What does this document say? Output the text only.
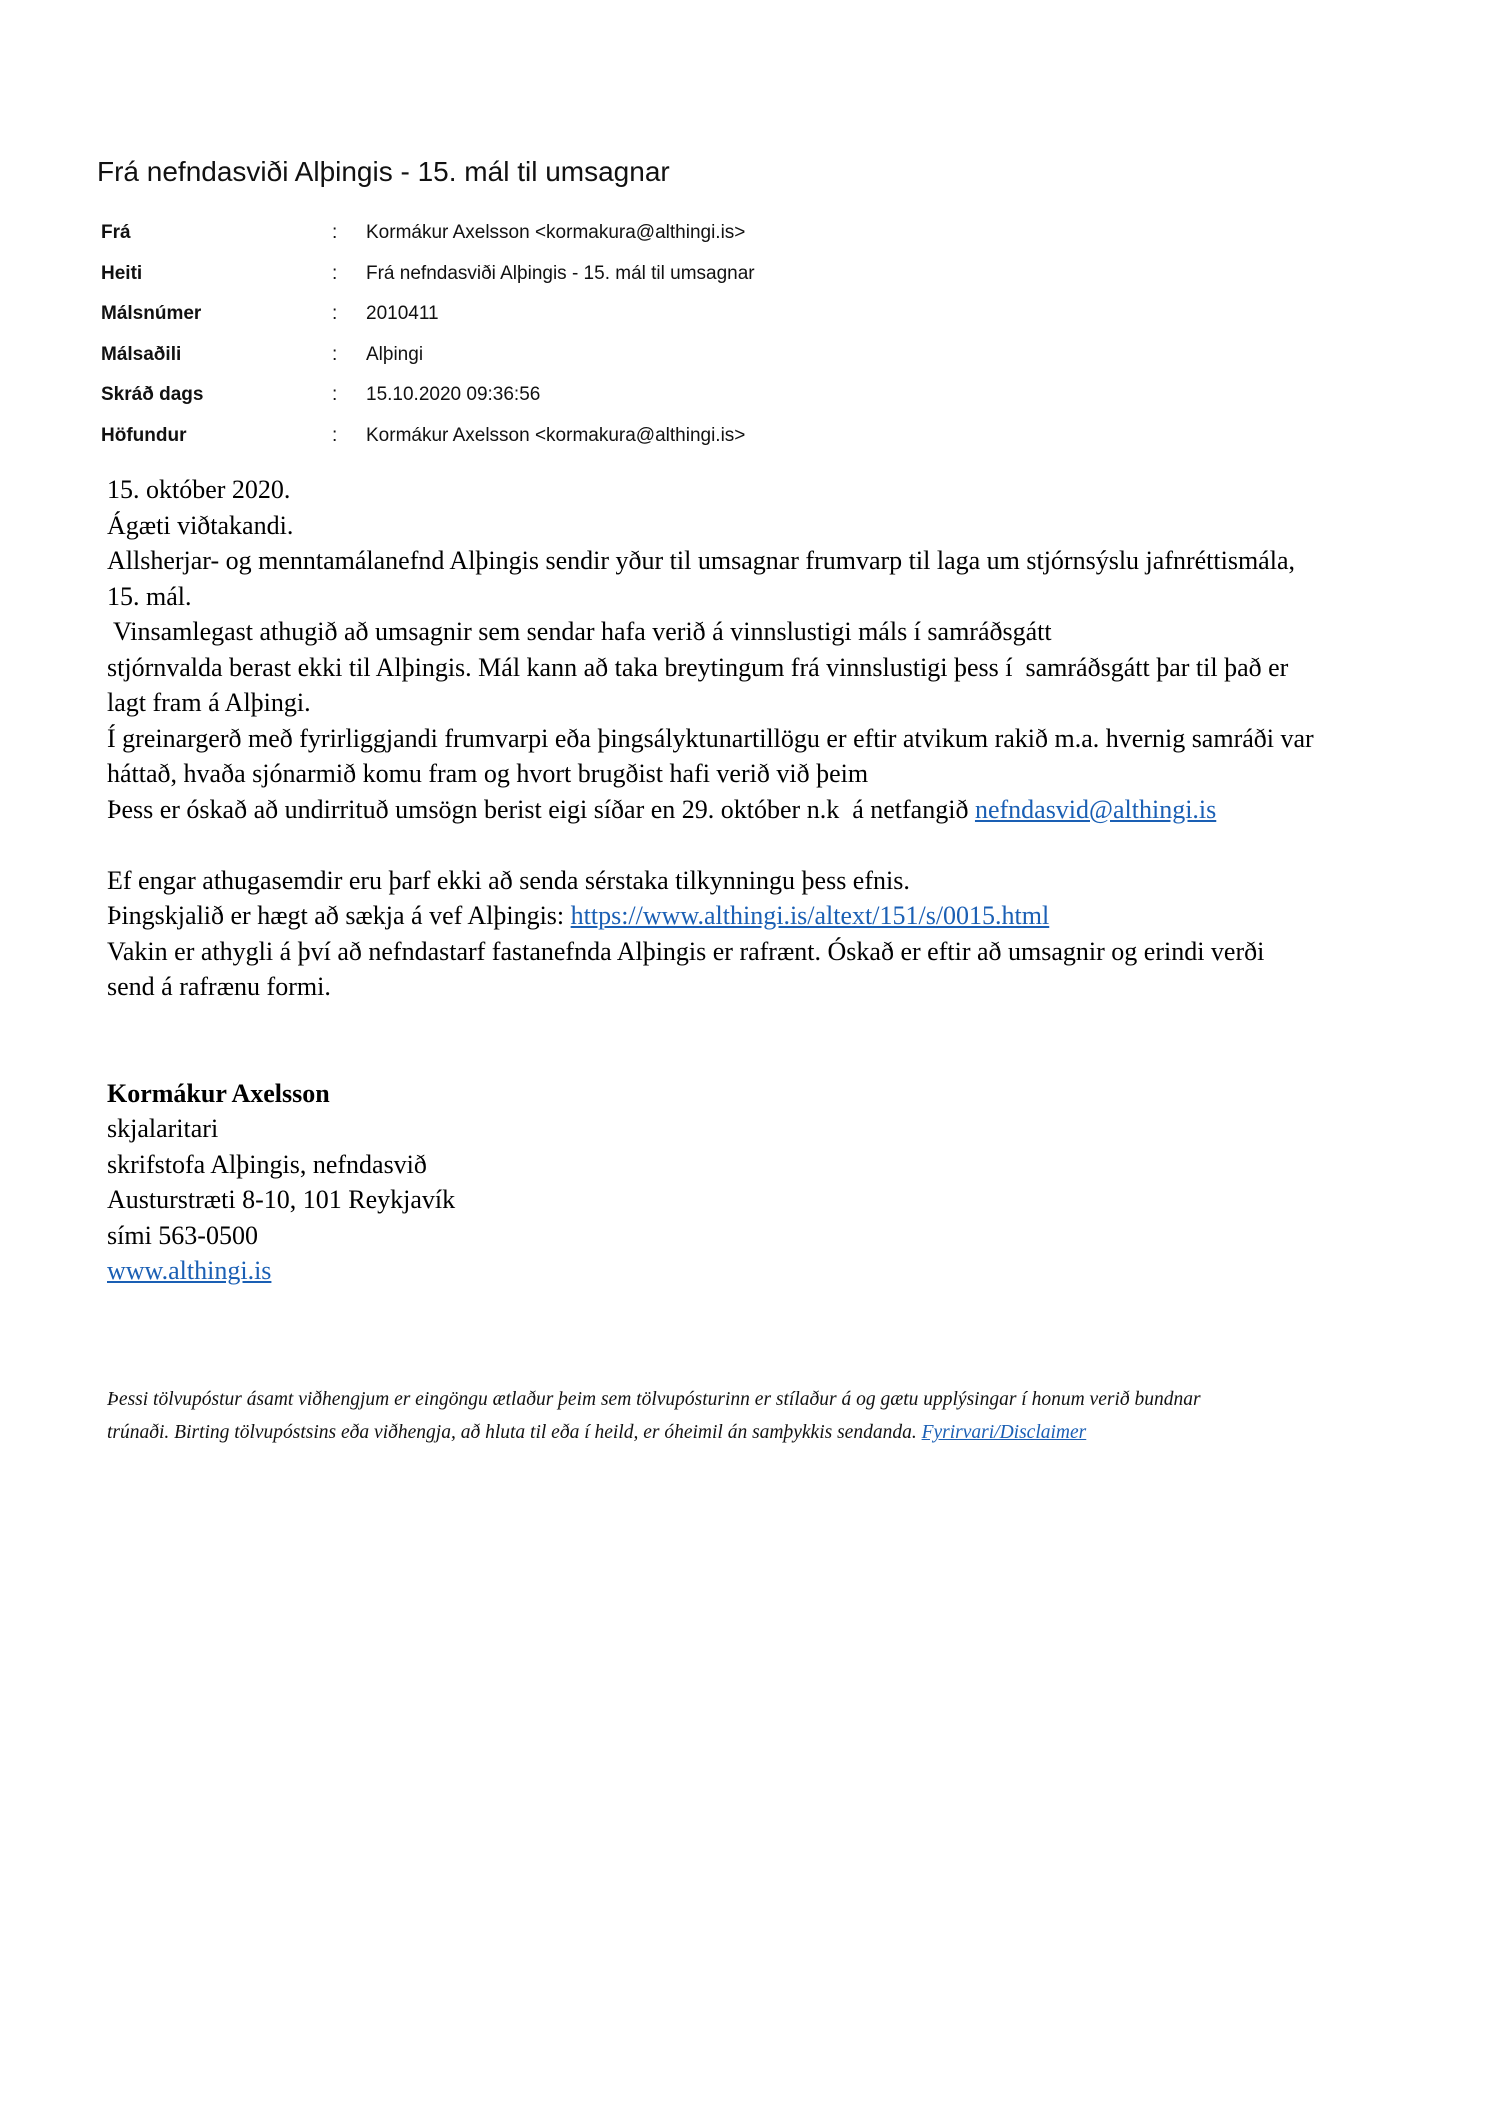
Frá nefndasviði Alþingis - 15. mál til umsagnar
Frá	: Kormákur Axelsson <kormakura@althingi.is>
Heiti	: Frá nefndasviði Alþingis - 15. mál til umsagnar
Málsnúmer	: 2010411
Málsaðili	: Alþingi
Skráð dags	: 15.10.2020 09:36:56
Höfundur	: Kormákur Axelsson <kormakura@althingi.is>

15. október 2020.

Ágæti viðtakandi.

Allsherjar- og menntamálanefnd Alþingis sendir yður til umsagnar frumvarp til laga um stjórnsýslu jafnréttismála,

15. mál.

Vinsamlegast athugið að umsagnir sem sendar hafa verið á vinnslustigi máls í samráðsgátt

stjórnvalda berast ekki til Alþingis. Mál kann að taka breytingum frá vinnslustigi þess í  samráðsgátt þar til það er

lagt fram á Alþingi.

Í greinargerð með fyrirliggjandi frumvarpi eða þingsályktunartillögu er eftir atvikum rakið m.a. hvernig samráði var

háttað, hvaða sjónarmið komu fram og hvort brugðist hafi verið við þeim

Þess er óskað að undirrituð umsögn berist eigi síðar en 29. október n.k  á netfangið nefndasvid@althingi.is

Ef engar athugasemdir eru þarf ekki að senda sérstaka tilkynningu þess efnis.

Þingskjalið er hægt að sækja á vef Alþingis: https://www.althingi.is/altext/151/s/0015.html

Vakin er athygli á því að nefndastarf fastanefnda Alþingis er rafrænt. Óskað er eftir að umsagnir og erindi verði

send á rafrænu formi.

Kormákur Axelsson

skjalaritari

skrifstofa Alþingis, nefndasvið

Austurstræti 8-10, 101 Reykjavík

sími 563-0500

www.althingi.is

Þessi tölvupóstur ásamt viðhengjum er eingöngu ætlaður þeim sem tölvupósturinn er stílaður á og gætu upplýsingar í honum verið bundnar

trúnaði. Birting tölvupóstsins eða viðhengja, að hluta til eða í heild, er óheimil án samþykkis sendanda. Fyrirvari/Disclaimer
